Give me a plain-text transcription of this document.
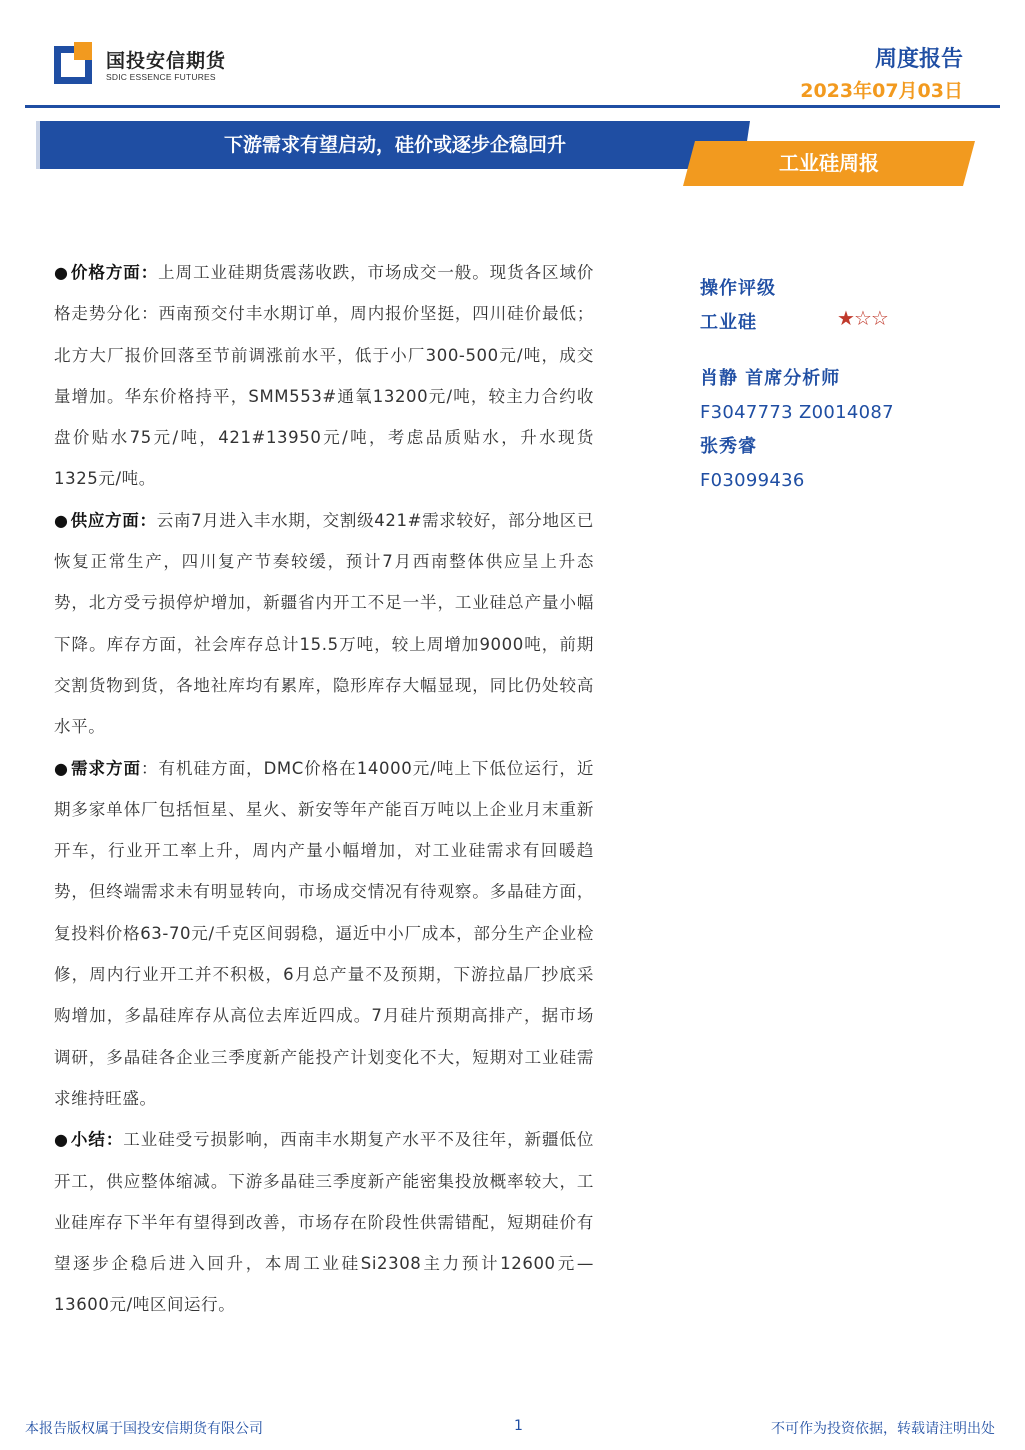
国投安信期货
SDIC ESSENCE FUTURES
周度报告
2023年07月03日
下游需求有望启动，硅价或逐步企稳回升
工业硅周报

● 价格方面：上周工业硅期货震荡收跌，市场成交一般。现货各区域价格走势分化：西南预交付丰水期订单，周内报价坚挺，四川硅价最低；北方大厂报价回落至节前调涨前水平，低于小厂300-500元/吨，成交量增加。华东价格持平，SMM553#通氧13200元/吨，较主力合约收盘价贴水75元/吨，421#13950元/吨，考虑品质贴水，升水现货1325元/吨。

● 供应方面：云南7月进入丰水期，交割级421#需求较好，部分地区已恢复正常生产，四川复产节奏较缓，预计7月西南整体供应呈上升态势，北方受亏损停炉增加，新疆省内开工不足一半，工业硅总产量小幅下降。库存方面，社会库存总计15.5万吨，较上周增加9000吨，前期交割货物到货，各地社库均有累库，隐形库存大幅显现，同比仍处较高水平。

● 需求方面：有机硅方面，DMC价格在14000元/吨上下低位运行，近期多家单体厂包括恒星、星火、新安等年产能百万吨以上企业月末重新开车，行业开工率上升，周内产量小幅增加，对工业硅需求有回暖趋势，但终端需求未有明显转向，市场成交情况有待观察。多晶硅方面，复投料价格63-70元/千克区间弱稳，逼近中小厂成本，部分生产企业检修，周内行业开工并不积极，6月总产量不及预期，下游拉晶厂抄底采购增加，多晶硅库存从高位去库近四成。7月硅片预期高排产，据市场调研，多晶硅各企业三季度新产能投产计划变化不大，短期对工业硅需求维持旺盛。

● 小结：工业硅受亏损影响，西南丰水期复产水平不及往年，新疆低位开工，供应整体缩减。下游多晶硅三季度新产能密集投放概率较大，工业硅库存下半年有望得到改善，市场存在阶段性供需错配，短期硅价有望逐步企稳后进入回升，本周工业硅Si2308主力预计12600元—13600元/吨区间运行。

操作评级
工业硅	★☆☆
肖静 首席分析师
F3047773 Z0014087
张秀睿
F03099436
本报告版权属于国投安信期货有限公司	1	不可作为投资依据，转载请注明出处
